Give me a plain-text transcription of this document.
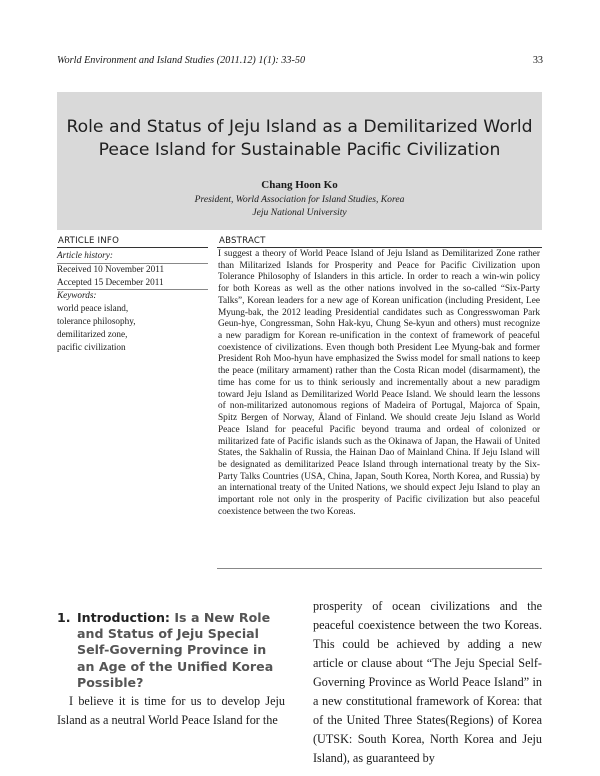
World Environment and Island Studies (2011.12) 1(1): 33-50	33
Role and Status of Jeju Island as a Demilitarized World
Peace Island for Sustainable Pacific Civilization
Chang Hoon Ko
President, World Association for Island Studies, Korea
Jeju National University
ARTICLE INFO
Article history:
Received 10 November 2011
Accepted 15 December 2011
Keywords:
world peace island,
tolerance philosophy,
demilitarized zone,
pacific civilization
ABSTRACT
I suggest a theory of World Peace Island of Jeju Island as Demilitarized Zone rather than Militarized Islands for Prosperity and Peace for Pacific Civilization upon Tolerance Philosophy of Islanders in this article. In order to reach a win-win policy for both Koreas as well as the other nations involved in the so-called “Six-Party Talks”, Korean leaders for a new age of Korean unification (including President, Lee Myung-bak, the 2012 leading Presidential candidates such as Congresswoman Park Geun-hye, Congressman, Sohn Hak-kyu, Chung Se-kyun and others) must recognize a new paradigm for Korean re-unification in the context of framework of peaceful coexistence of civilizations. Even though both President Lee Myung-bak and former President Roh Moo-hyun have emphasized the Swiss model for small nations to keep the peace (military armament) rather than the Costa Rican model (disarmament), the time has come for us to think seriously and incrementally about a new paradigm toward Jeju Island as Demilitarized World Peace Island. We should learn the lessons of non-militarized autonomous regions of Madeira of Portugal, Majorca of Spain, Spitz Bergen of Norway, Åland of Finland. We should create Jeju Island as World Peace Island for peaceful Pacific beyond trauma and ordeal of colonized or militarized fate of Pacific islands such as the Okinawa of Japan, the Hawaii of United States, the Sakhalin of Russia, the Hainan Dao of Mainland China. If Jeju Island will be designated as demilitarized Peace Island through international treaty by the Six-Party Talks Countries (USA, China, Japan, South Korea, North Korea, and Russia) by an international treaty of the United Nations, we should expect Jeju Island to play an important role not only in the prosperity of Pacific civilization but also peaceful coexistence between the two Koreas.
1. Introduction: Is a New Role and Status of Jeju Special Self-Governing Province in an Age of the Unified Korea Possible?

I believe it is time for us to develop Jeju Island as a neutral World Peace Island for the

prosperity of ocean civilizations and the peaceful coexistence between the two Koreas. This could be achieved by adding a new article or clause about “The Jeju Special Self-Governing Province as World Peace Island” in a new constitutional framework of Korea: that of the United Three States(Regions) of Korea (UTSK: South Korea, North Korea and Jeju Island), as guaranteed by
